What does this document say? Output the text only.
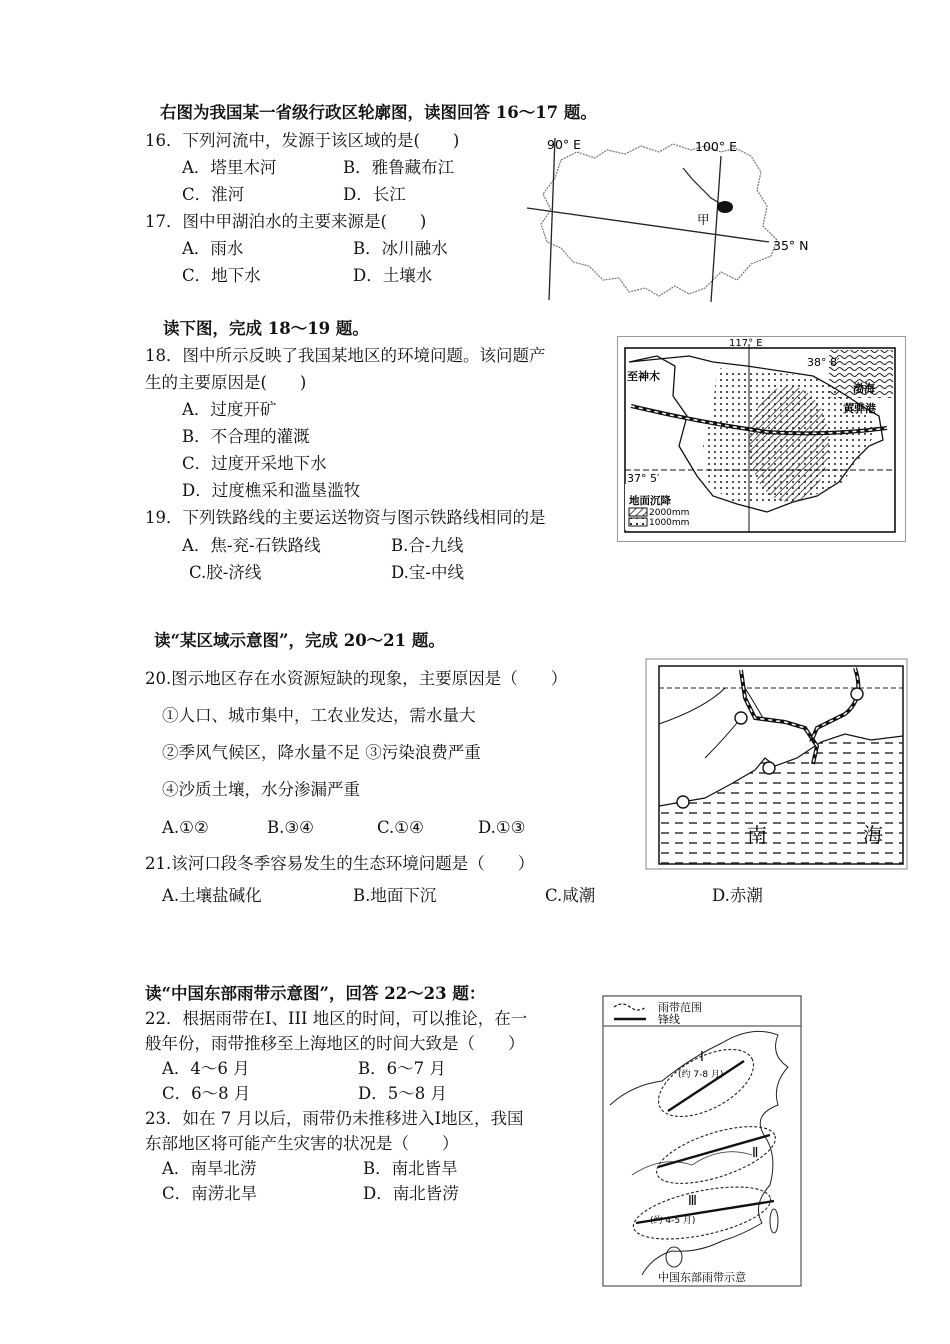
右图为我国某一省级行政区轮廓图，读图回答 16～17 题。
16．下列河流中，发源于该区域的是(　　)
A．塔里木河	B．雅鲁藏布江
C．淮河	D．长江
17．图中甲湖泊水的主要来源是(　　)
A．雨水	B．冰川融水
C．地下水	D．土壤水
90° E	100° E
35° N
甲
读下图，完成 18～19 题。
18．图中所示反映了我国某地区的环境问题。该问题产
生的主要原因是(　　)
A．过度开矿
B．不合理的灌溉
C．过度开采地下水
D．过度樵采和滥垦滥牧
19．下列铁路线的主要运送物资与图示铁路线相同的是
A．焦-兖-石铁路线	B.合-九线
C.胶-济线	D.宝-中线
117° E
38° 8′
37° 5′
渤海
黄骅港
至神木
地面沉降
2000mm
1000mm
读“某区域示意图”，完成 20～21 题。
20.图示地区存在水资源短缺的现象，主要原因是（　　）
①人口、城市集中，工农业发达，需水量大
②季风气候区，降水量不足 ③污染浪费严重
④沙质土壤，水分渗漏严重
A.①②	B.③④	C.①④	D.①③
21.该河口段冬季容易发生的生态环境问题是（　　）
A.土壤盐碱化	B.地面下沉	C.咸潮	D.赤潮
南	海
读“中国东部雨带示意图”，回答 22～23 题：
22．根据雨带在Ⅰ、III 地区的时间，可以推论，在一
般年份，雨带推移至上海地区的时间大致是（　　）
A．4～6 月	B．6～7 月
C．6～8 月	D．5～8 月
23．如在 7 月以后，雨带仍未推移进入Ⅰ地区，我国
东部地区将可能产生灾害的状况是（　　）
A．南旱北涝	B．南北皆旱
C．南涝北旱	D．南北皆涝
雨带范围
锋线
Ⅰ
(约 7-8 月)
Ⅱ
Ⅲ
(约 4-5 月)
中国东部雨带示意
